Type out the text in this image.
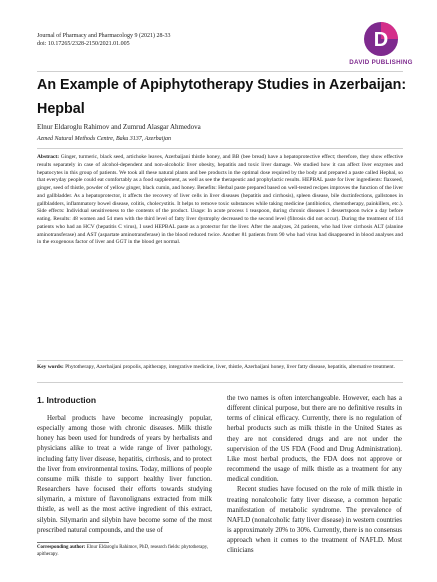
Journal of Pharmacy and Pharmacology 9 (2021) 28-33
doi: 10.17265/2328-2150/2021.01.005	D
DAVID PUBLISHING
An Example of Apiphytotherapy Studies in Azerbaijan: Hepbal
Elnur Eldaroglu Rahimov and Zumrud Alasgar Ahmedova
Azmed Natural Methods Centre, Baku 3137, Azerbaijan

Abstract: Ginger, turmeric, black seed, artichoke leaves, Azerbaijani thistle honey, and BB (bee bread) have a hepatoprotective effect; therefore, they show effective results separately in case of alcohol-dependent and non-alcoholic liver obesity, hepatitis and toxic liver damage. We studied how it can affect liver enzymes and hepatocytes in this group of patients. We took all these natural plants and bee products in the optimal dose required by the body and prepared a paste called Hepbal, so that everyday people could eat comfortably as a food supplement, as well as see the therapeutic and prophylactic results. HEPBAL paste for liver ingredients: flaxseed, ginger, seed of thistle, powder of yellow ginger, black cumin, and honey. Benefits: Herbal paste prepared based on well-tested recipes improves the function of the liver and gallbladder. As a hepatoprotector, it affects the recovery of liver cells in liver diseases (hepatitis and cirrhosis), spleen disease, bile ductinfections, gallstones in gallbladders, inflammatory bowel disease, colitis, cholecystitis. It helps to remove toxic substances while taking medicine (antibiotics, chemotherapy, painkillers, etc.). Side effects: Individual sensitiveness to the contents of the product. Usage: In acute process 1 teaspoon, during chronic diseases 1 dessertspoon twice a day before eating. Results: 48 women and 54 men with the third level of fatty liver dystrophy decreased to the second level (fibrosis did not occur). During the treatment of 114 patients who had an HCV (hepatitis C virus), I used HEPBAL paste as a protector for the liver. After the analyzes, 24 patients, who had liver cirrhosis ALT (alanine aminotransferase) and AST (aspartate aminotransferase) in the blood reduced twice. Another 81 patients from 90 who had virus had disappeared in blood analyses and in the exogenous factor of liver and GGT in the blood get normal.

Key words: Phytotherapy, Azerbaijani propolis, apitherapy, integrative medicine, liver, thistle, Azerbaijani honey, liver fatty disease, hepatitis, alternative treatment.

1. Introduction

Herbal products have become increasingly popular, especially among those with chronic diseases. Milk thistle honey has been used for hundreds of years by herbalists and physicians alike to treat a wide range of liver pathology, including fatty liver disease, hepatitis, cirrhosis, and to protect the liver from environmental toxins. Today, millions of people consume milk thistle to support healthy liver function. Researchers have focused their efforts towards studying silymarin, a mixture of flavonolignans extracted from milk thistle, as well as the most active ingredient of this extract, silybin. Silymarin and silybin have become some of the most prescribed natural compounds, and the use of

the two names is often interchangeable. However, each has a different clinical purpose, but there are no definitive results in terms of clinical efficacy. Currently, there is no regulation of herbal products such as milk thistle in the United States as they are not considered drugs and are not under the supervision of the US FDA (Food and Drug Administration). Like most herbal products, the FDA does not approve or recommend the usage of milk thistle as a treatment for any medical condition.

Recent studies have focused on the role of milk thistle in treating nonalcoholic fatty liver disease, a common hepatic manifestation of metabolic syndrome. The prevalence of NAFLD (nonalcoholic fatty liver disease) in western countries is approximately 20% to 30%. Currently, there is no consensus approach when it comes to the treatment of NAFLD. Most clinicians

Corresponding author: Elnur Eldaroglu Rahimov, PhD, research fields: phytotherapy, apitherapy.
